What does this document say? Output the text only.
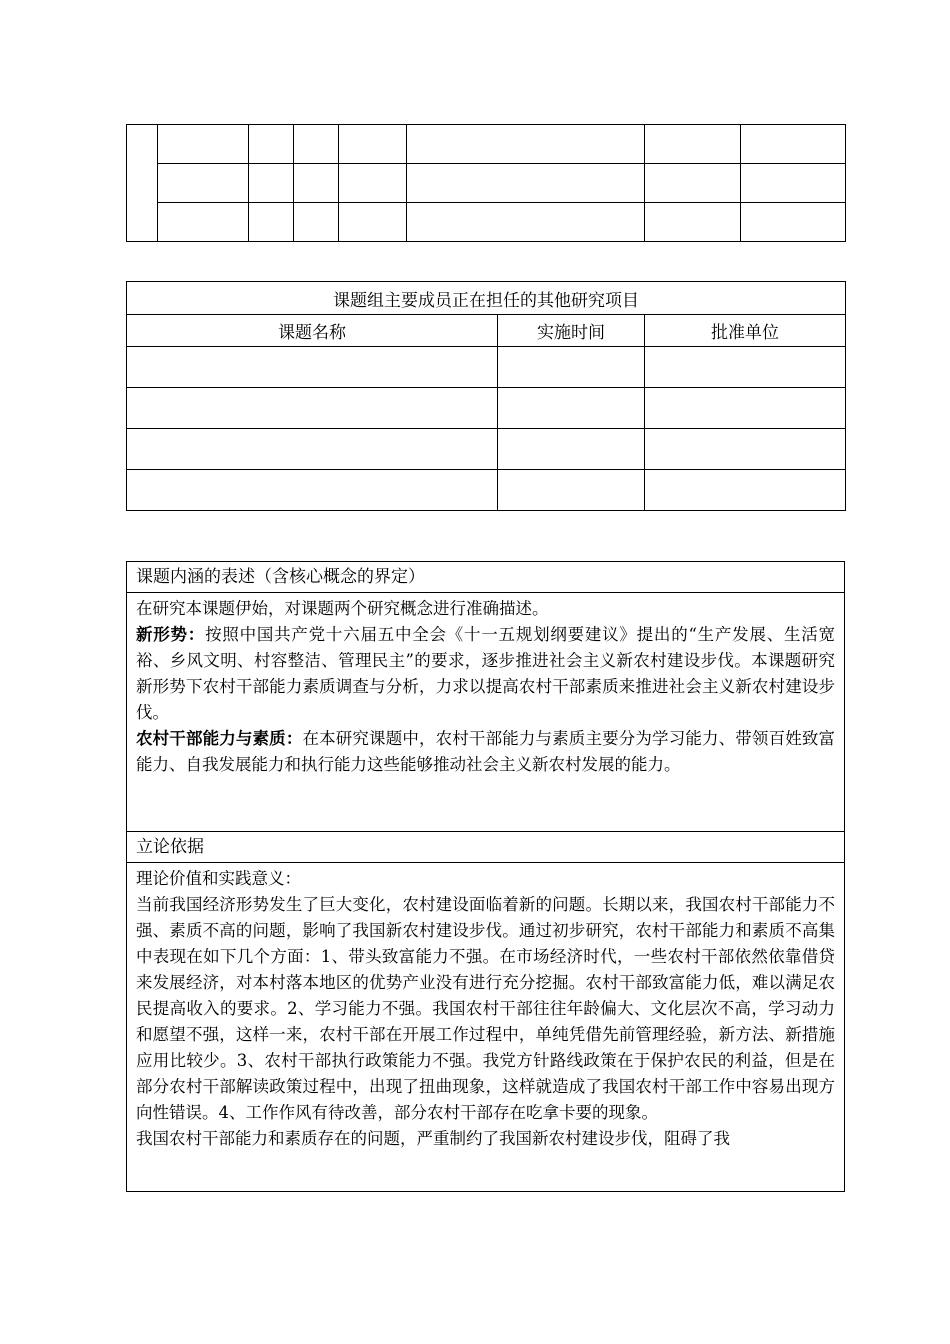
课题组主要成员正在担任的其他研究项目		
课题名称	实施时间	批准单位

课题内涵的表述（含核心概念的界定）

在研究本课题伊始，对课题两个研究概念进行准确描述。

新形势：按照中国共产党十六届五中全会《十一五规划纲要建议》提出的“生产发展、生活宽裕、乡风文明、村容整洁、管理民主”的要求，逐步推进社会主义新农村建设步伐。本课题研究新形势下农村干部能力素质调查与分析，力求以提高农村干部素质来推进社会主义新农村建设步伐。

农村干部能力与素质：在本研究课题中，农村干部能力与素质主要分为学习能力、带领百姓致富能力、自我发展能力和执行能力这些能够推动社会主义新农村发展的能力。

立论依据

理论价值和实践意义：

当前我国经济形势发生了巨大变化，农村建设面临着新的问题。长期以来，我国农村干部能力不强、素质不高的问题，影响了我国新农村建设步伐。通过初步研究，农村干部能力和素质不高集中表现在如下几个方面：1、带头致富能力不强。在市场经济时代，一些农村干部依然依靠借贷来发展经济，对本村落本地区的优势产业没有进行充分挖掘。农村干部致富能力低，难以满足农民提高收入的要求。2、学习能力不强。我国农村干部往往年龄偏大、文化层次不高，学习动力和愿望不强，这样一来，农村干部在开展工作过程中，单纯凭借先前管理经验，新方法、新措施应用比较少。3、农村干部执行政策能力不强。我党方针路线政策在于保护农民的利益，但是在部分农村干部解读政策过程中，出现了扭曲现象，这样就造成了我国农村干部工作中容易出现方向性错误。4、工作作风有待改善，部分农村干部存在吃拿卡要的现象。

我国农村干部能力和素质存在的问题，严重制约了我国新农村建设步伐，阻碍了我
